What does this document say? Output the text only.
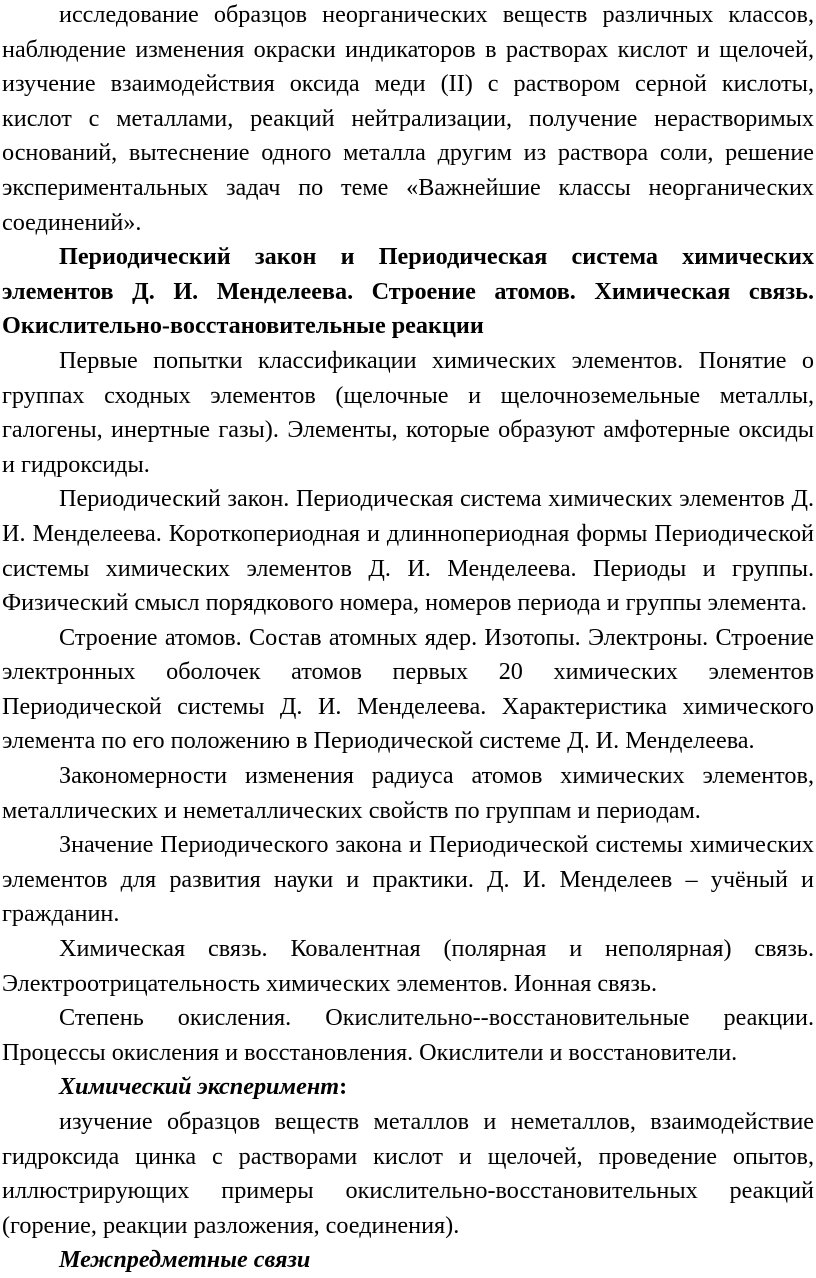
исследование образцов неорганических веществ различных классов, наблюдение изменения окраски индикаторов в растворах кислот и щелочей, изучение взаимодействия оксида меди (II) с раствором серной кислоты, кислот с металлами, реакций нейтрализации, получение нерастворимых оснований, вытеснение одного металла другим из раствора соли, решение экспериментальных задач по теме «Важнейшие классы неорганических соединений».

Периодический закон и Периодическая система химических элементов Д. И. Менделеева. Строение атомов. Химическая связь. Окислительно-восстановительные реакции

Первые попытки классификации химических элементов. Понятие о группах сходных элементов (щелочные и щелочноземельные металлы, галогены, инертные газы). Элементы, которые образуют амфотерные оксиды и гидроксиды.

Периодический закон. Периодическая система химических элементов Д. И. Менделеева. Короткопериодная и длиннопериодная формы Периодической системы химических элементов Д. И. Менделеева. Периоды и группы. Физический смысл порядкового номера, номеров периода и группы элемента.

Строение атомов. Состав атомных ядер. Изотопы. Электроны. Строение электронных оболочек атомов первых 20 химических элементов Периодической системы Д. И. Менделеева. Характеристика химического элемента по его положению в Периодической системе Д. И. Менделеева.

Закономерности изменения радиуса атомов химических элементов, металлических и неметаллических свойств по группам и периодам.

Значение Периодического закона и Периодической системы химических элементов для развития науки и практики. Д. И. Менделеев – учёный и гражданин.

Химическая связь. Ковалентная (полярная и неполярная) связь. Электроотрицательность химических элементов. Ионная связь.

Степень окисления. Окислительно--восстановительные реакции. Процессы окисления и восстановления. Окислители и восстановители.

Химический эксперимент:

изучение образцов веществ металлов и неметаллов, взаимодействие гидроксида цинка с растворами кислот и щелочей, проведение опытов, иллюстрирующих примеры окислительно-восстановительных реакций (горение, реакции разложения, соединения).

Межпредметные связи
